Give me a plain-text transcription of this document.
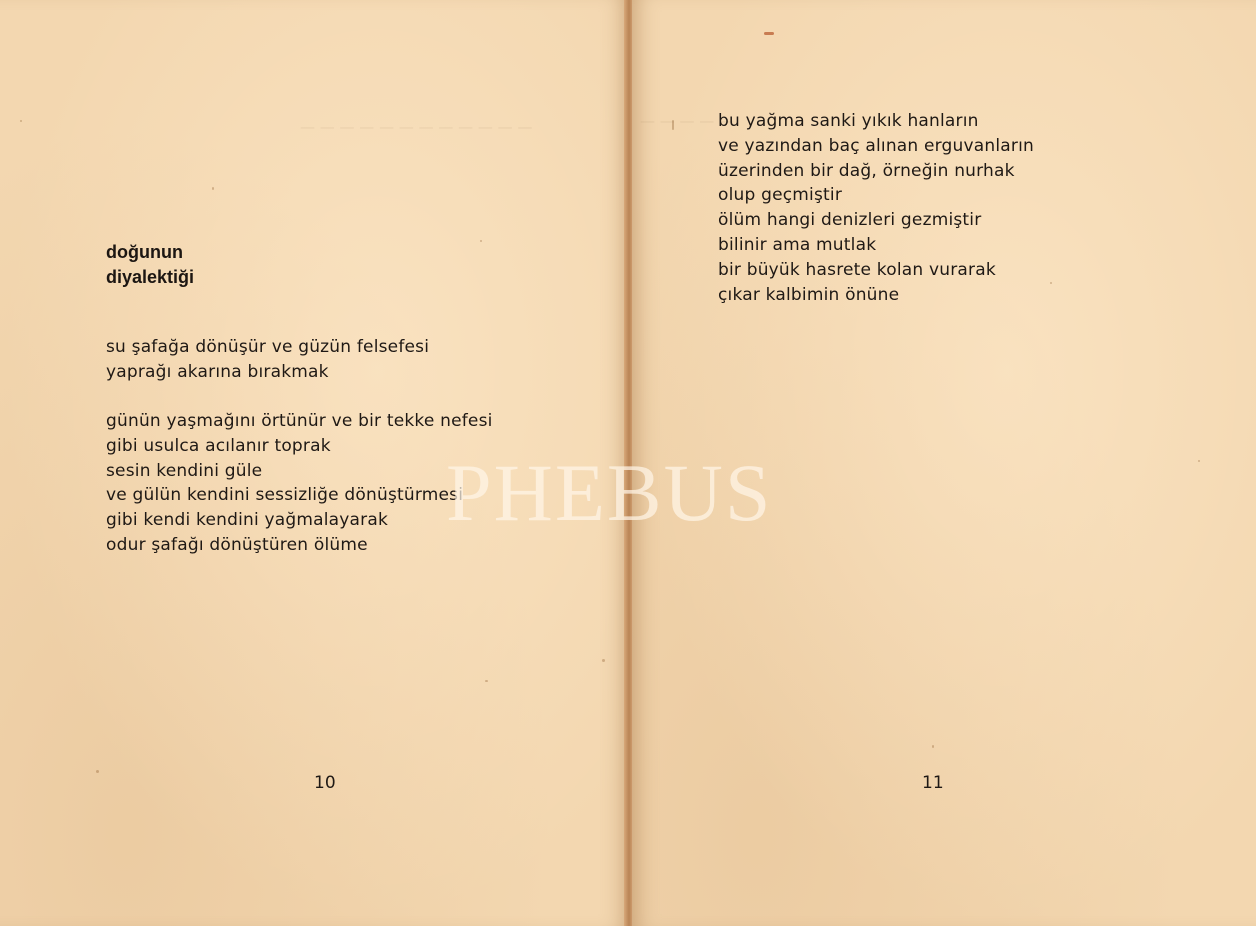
— — — — — — — — — — — —
doğunun
diyalektiği
su şafağa dönüşür ve güzün felsefesi
yaprağı akarına bırakmak
günün yaşmağını örtünür ve bir tekke nefesi
gibi usulca acılanır toprak
sesin kendini güle
ve gülün kendini sessizliğe dönüştürmesi
gibi kendi kendini yağmalayarak
odur şafağı dönüştüren ölüme
10
— — — — —
bu yağma sanki yıkık hanların
ve yazından baç alınan erguvanların
üzerinden bir dağ, örneğin nurhak
olup geçmiştir
ölüm hangi denizleri gezmiştir
bilinir ama mutlak
bir büyük hasrete kolan vurarak
çıkar kalbimin önüne
11
PHEBUS
